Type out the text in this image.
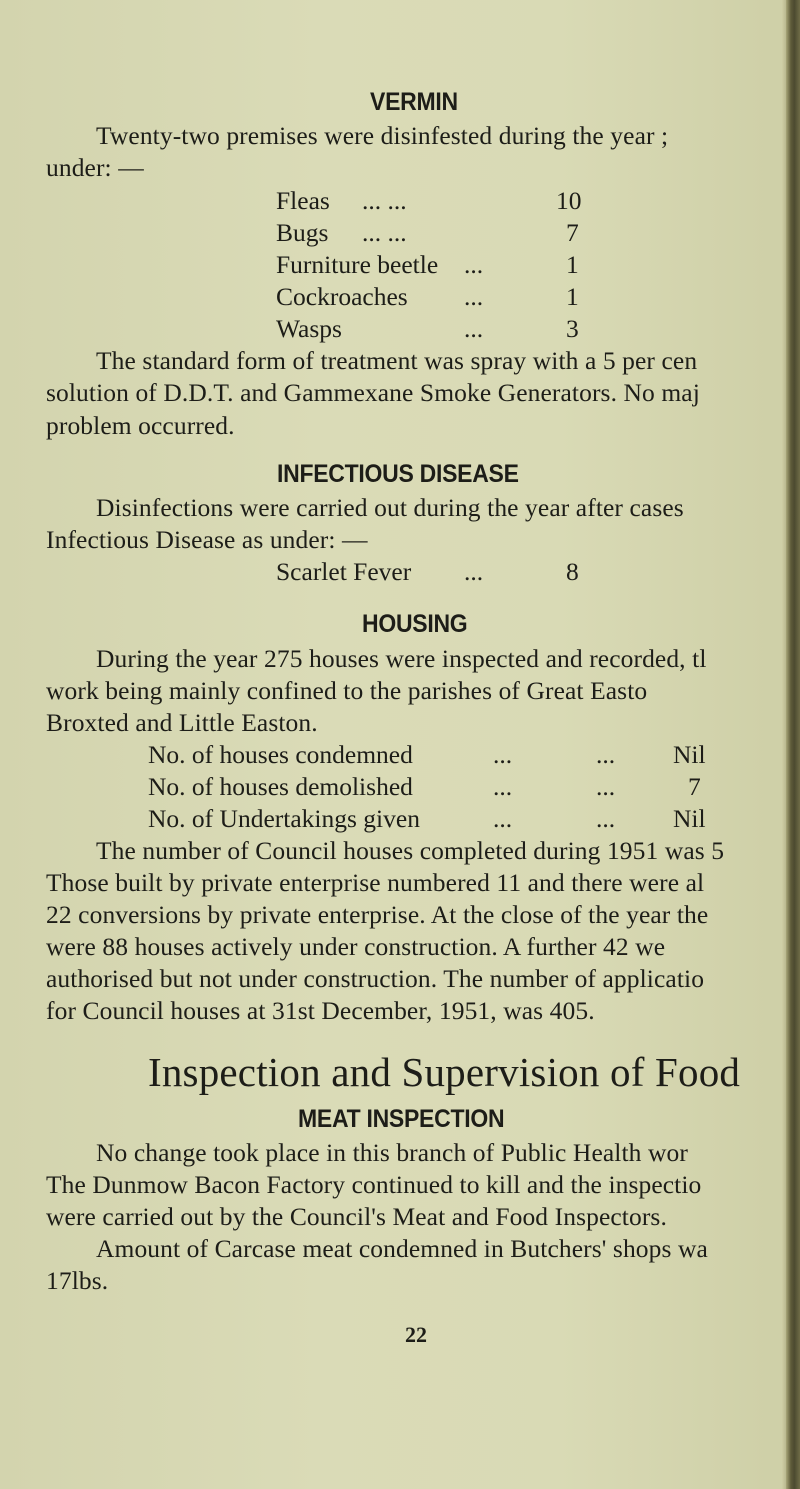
VERMIN
Twenty-two premises were disinfested during the year ;
under: —
Fleas ... ...	10
Bugs ... ...	7
Furniture beetle ...	1
Cockroaches ...	1
Wasps	...	3
The standard form of treatment was spray with a 5 per cen
solution of D.D.T. and Gammexane Smoke Generators. No maj
problem occurred.
INFECTIOUS DISEASE
Disinfections were carried out during the year after cases
Infectious Disease as under: —
Scarlet Fever ...	8
HOUSING
During the year 275 houses were inspected and recorded, tl
work being mainly confined to the parishes of Great Easto
Broxted and Little Easton.
No. of houses condemned	...	... Nil
No. of houses demolished	...	...	7
No. of Undertakings given	...	... Nil
The number of Council houses completed during 1951 was 5
Those built by private enterprise numbered 11 and there were al
22 conversions by private enterprise. At the close of the year the
were 88 houses actively under construction. A further 42 we
authorised but not under construction. The number of applicatio
for Council houses at 31st December, 1951, was 405.
Inspection and Supervision of Food
MEAT INSPECTION
No change took place in this branch of Public Health wor
The Dunmow Bacon Factory continued to kill and the inspectio
were carried out by the Council's Meat and Food Inspectors.
Amount of Carcase meat condemned in Butchers' shops wa
17lbs.
22
